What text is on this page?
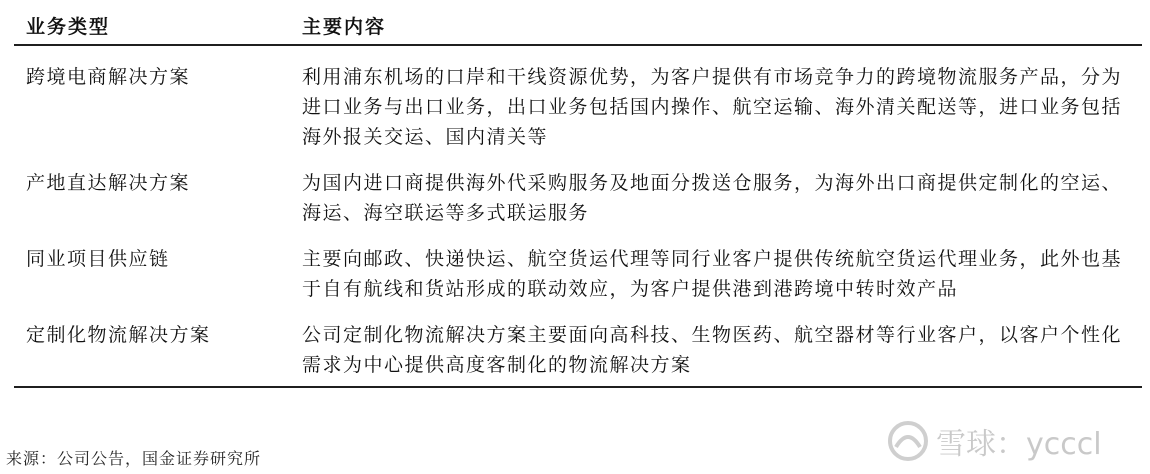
业务类型	主要内容
跨境电商解决方案	利用浦东机场的口岸和干线资源优势，为客户提供有市场竞争力的跨境物流服务产品，分为进口业务与出口业务，出口业务包括国内操作、航空运输、海外清关配送等，进口业务包括海外报关交运、国内清关等
产地直达解决方案	为国内进口商提供海外代采购服务及地面分拨送仓服务，为海外出口商提供定制化的空运、海运、海空联运等多式联运服务
同业项目供应链	主要向邮政、快递快运、航空货运代理等同行业客户提供传统航空货运代理业务，此外也基于自有航线和货站形成的联动效应，为客户提供港到港跨境中转时效产品
定制化物流解决方案	公司定制化物流解决方案主要面向高科技、生物医药、航空器材等行业客户，以客户个性化需求为中心提供高度客制化的物流解决方案
来源：公司公告，国金证券研究所	雪球：ycccl
